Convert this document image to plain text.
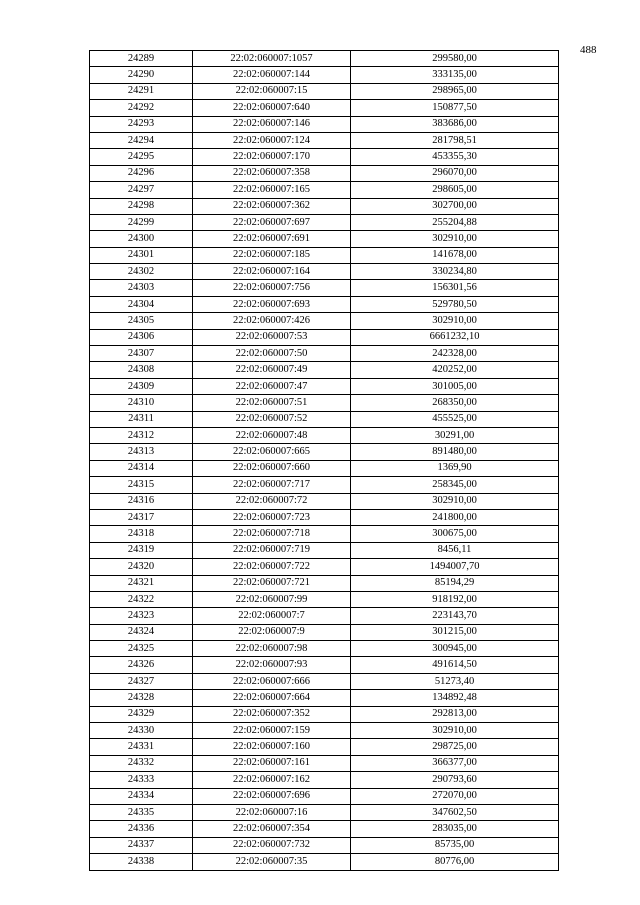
488
24289	22:02:060007:1057	299580,00
24290	22:02:060007:144	333135,00
24291	22:02:060007:15	298965,00
24292	22:02:060007:640	150877,50
24293	22:02:060007:146	383686,00
24294	22:02:060007:124	281798,51
24295	22:02:060007:170	453355,30
24296	22:02:060007:358	296070,00
24297	22:02:060007:165	298605,00
24298	22:02:060007:362	302700,00
24299	22:02:060007:697	255204,88
24300	22:02:060007:691	302910,00
24301	22:02:060007:185	141678,00
24302	22:02:060007:164	330234,80
24303	22:02:060007:756	156301,56
24304	22:02:060007:693	529780,50
24305	22:02:060007:426	302910,00
24306	22:02:060007:53	6661232,10
24307	22:02:060007:50	242328,00
24308	22:02:060007:49	420252,00
24309	22:02:060007:47	301005,00
24310	22:02:060007:51	268350,00
24311	22:02:060007:52	455525,00
24312	22:02:060007:48	30291,00
24313	22:02:060007:665	891480,00
24314	22:02:060007:660	1369,90
24315	22:02:060007:717	258345,00
24316	22:02:060007:72	302910,00
24317	22:02:060007:723	241800,00
24318	22:02:060007:718	300675,00
24319	22:02:060007:719	8456,11
24320	22:02:060007:722	1494007,70
24321	22:02:060007:721	85194,29
24322	22:02:060007:99	918192,00
24323	22:02:060007:7	223143,70
24324	22:02:060007:9	301215,00
24325	22:02:060007:98	300945,00
24326	22:02:060007:93	491614,50
24327	22:02:060007:666	51273,40
24328	22:02:060007:664	134892,48
24329	22:02:060007:352	292813,00
24330	22:02:060007:159	302910,00
24331	22:02:060007:160	298725,00
24332	22:02:060007:161	366377,00
24333	22:02:060007:162	290793,60
24334	22:02:060007:696	272070,00
24335	22:02:060007:16	347602,50
24336	22:02:060007:354	283035,00
24337	22:02:060007:732	85735,00
24338	22:02:060007:35	80776,00
